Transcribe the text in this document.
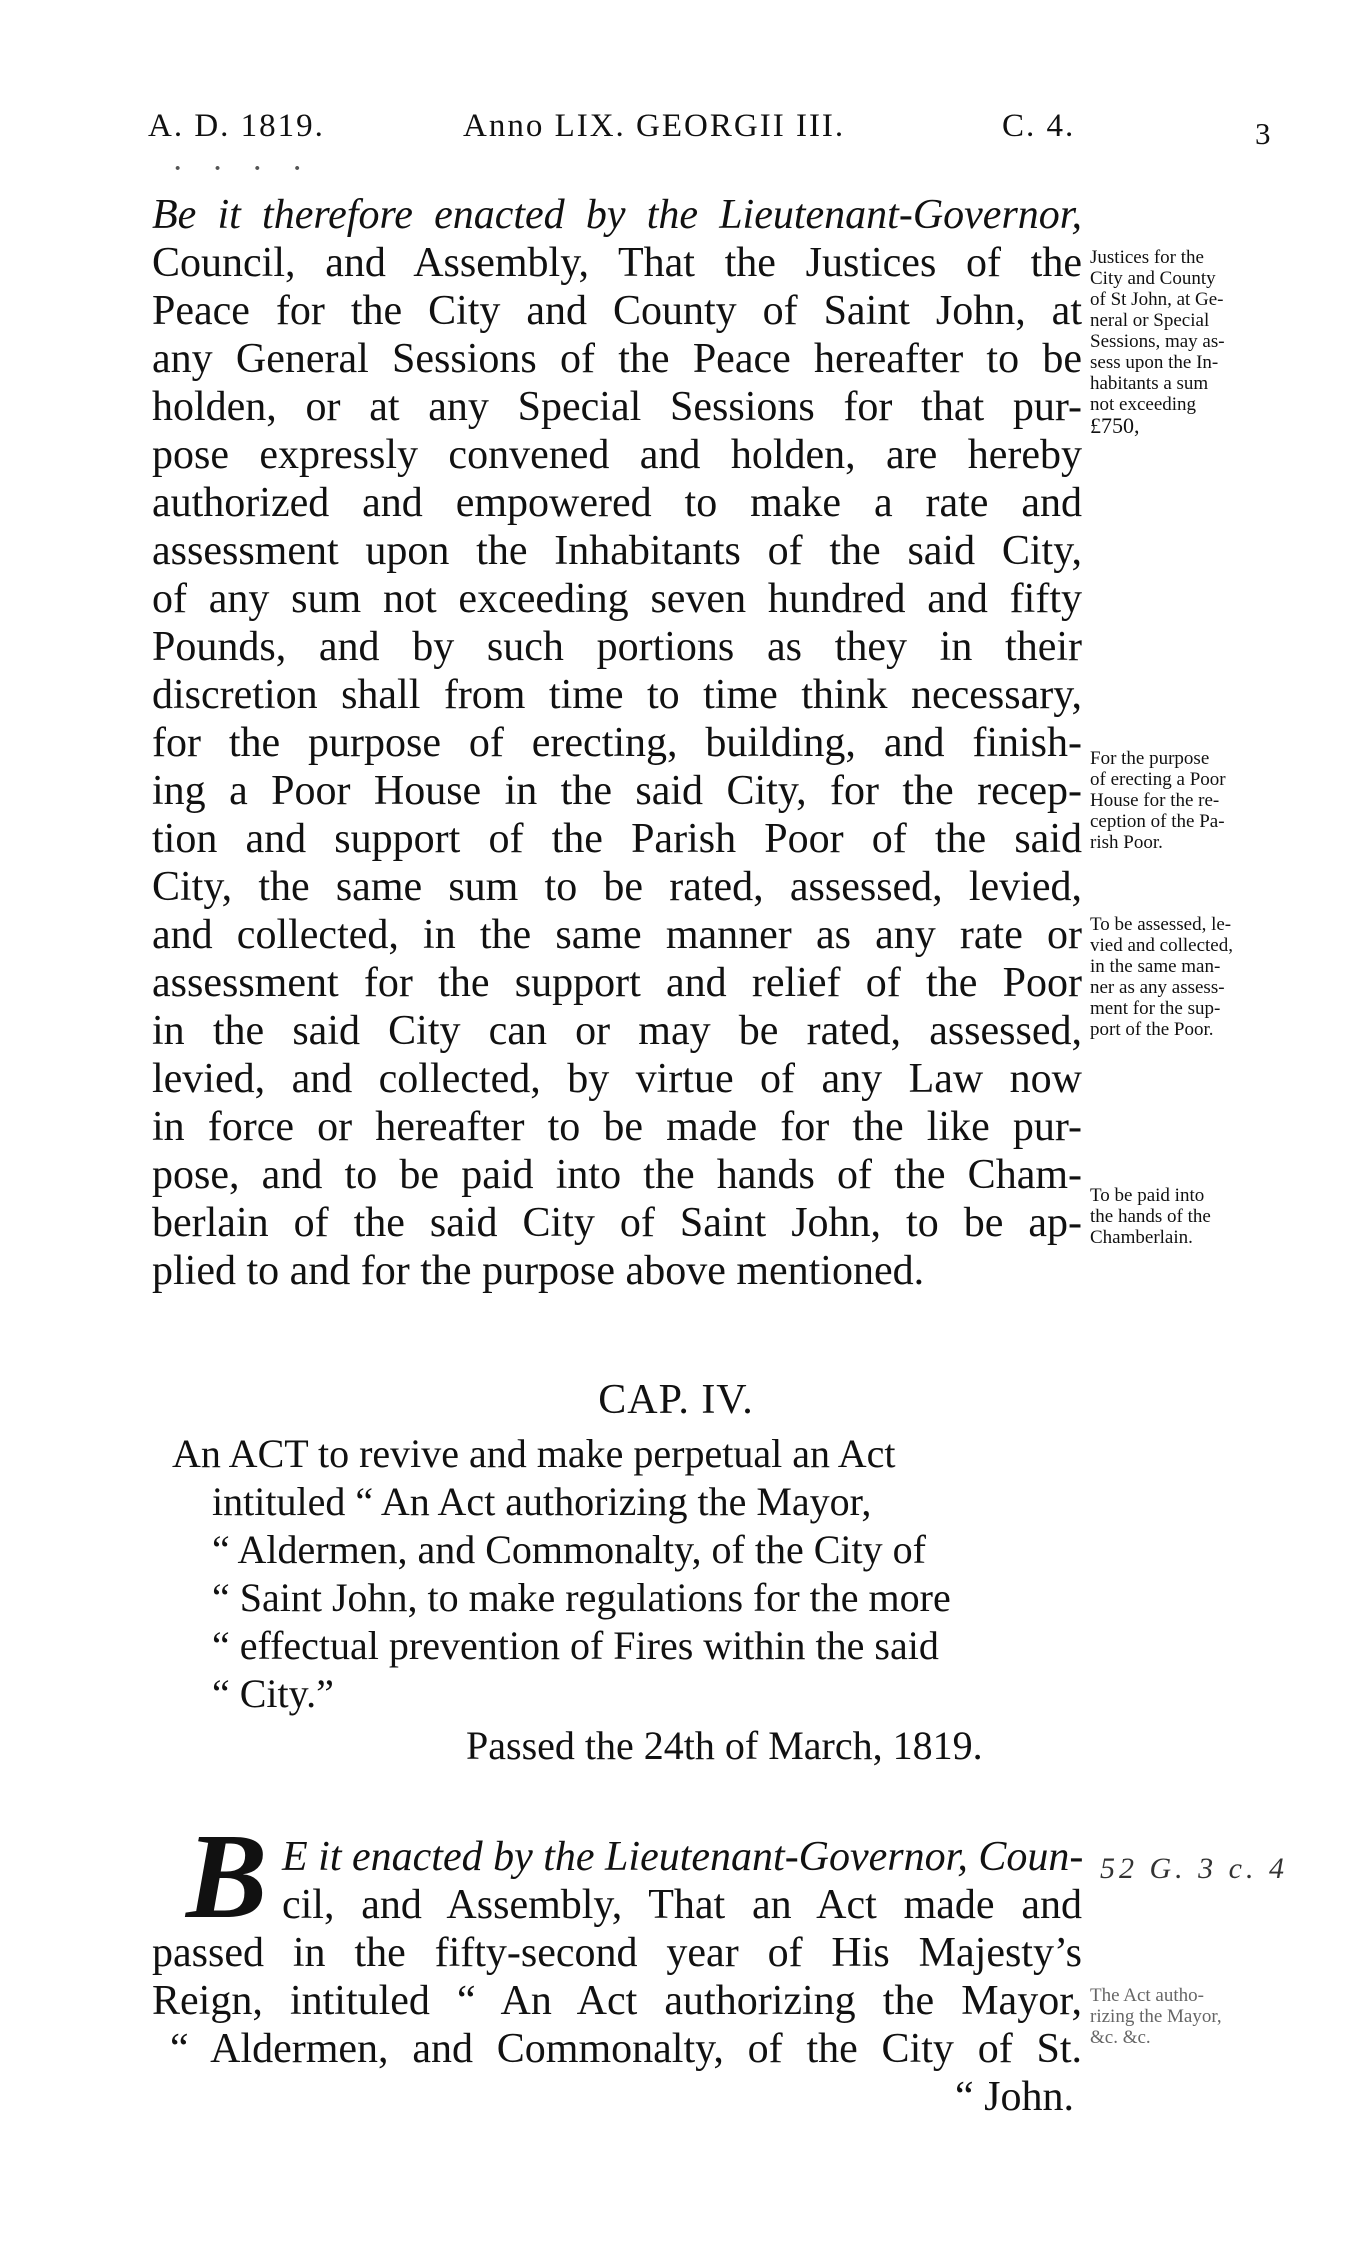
A. D. 1819.	Anno LIX. GEORGII III.	C. 4.	3
· · · ·
Be it therefore enacted by the Lieutenant-Governor,
Council, and Assembly, That the Justices of the
Peace for the City and County of Saint John, at
any General Sessions of the Peace hereafter to be
holden, or at any Special Sessions for that pur-
pose expressly convened and holden, are hereby
authorized and empowered to make a rate and
assessment upon the Inhabitants of the said City,
of any sum not exceeding seven hundred and fifty
Pounds, and by such portions as they in their
discretion shall from time to time think necessary,
for the purpose of erecting, building, and finish-
ing a Poor House in the said City, for the recep-
tion and support of the Parish Poor of the said
City, the same sum to be rated, assessed, levied,
and collected, in the same manner as any rate or
assessment for the support and relief of the Poor
in the said City can or may be rated, assessed,
levied, and collected, by virtue of any Law now
in force or hereafter to be made for the like pur-
pose, and to be paid into the hands of the Cham-
berlain of the said City of Saint John, to be ap-
plied to and for the purpose above mentioned.
Justices for the
City and County
of St John, at Ge-
neral or Special
Sessions, may as-
sess upon the In-
habitants a sum
not exceeding
£750,
For the purpose
of erecting a Poor
House for the re-
ception of the Pa-
rish Poor.
To be assessed, le-
vied and collected,
in the same man-
ner as any assess-
ment for the sup-
port of the Poor.
To be paid into
the hands of the
Chamberlain.
CAP. IV.
An ACT to revive and make perpetual an Act
intituled “ An Act authorizing the Mayor,
“ Aldermen, and Commonalty, of the City of
“ Saint John, to make regulations for the more
“ effectual prevention of Fires within the said
“ City.”
Passed the 24th of March, 1819.
B E it enacted by the Lieutenant-Governor, Coun-
cil, and Assembly, That an Act made and
passed in the fifty-second year of His Majesty’s
Reign, intituled “ An Act authorizing the Mayor,
“ Aldermen, and Commonalty, of the City of St.
“ John.
52 G. 3 c. 4
The Act autho-
rizing the Mayor,
&c. &c.
